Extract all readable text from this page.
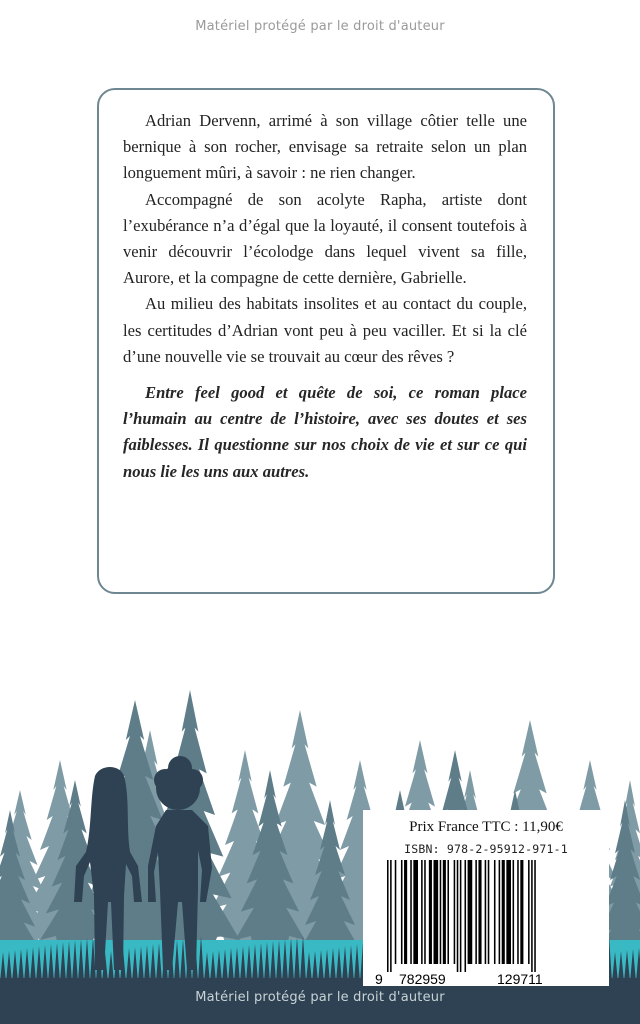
Matériel protégé par le droit d'auteur

Adrian Dervenn, arrimé à son village côtier telle une bernique à son rocher, envisage sa retraite selon un plan longuement mûri, à savoir : ne rien changer.

Accompagné de son acolyte Rapha, artiste dont l’exubérance n’a d’égal que la loyauté, il consent toutefois à venir découvrir l’écolodge dans lequel vivent sa fille, Aurore, et la compagne de cette dernière, Gabrielle.

Au milieu des habitats insolites et au contact du couple, les certitudes d’Adrian vont peu à peu vaciller. Et si la clé d’une nouvelle vie se trouvait au cœur des rêves ?

Entre feel good et quête de soi, ce roman place l’humain au centre de l’histoire, avec ses doutes et ses faiblesses. Il questionne sur nos choix de vie et sur ce qui nous lie les uns aux autres.

Prix France TTC : 11,90€
ISBN: 978-2-95912-971-1
9 782959	129711
Matériel protégé par le droit d'auteur
